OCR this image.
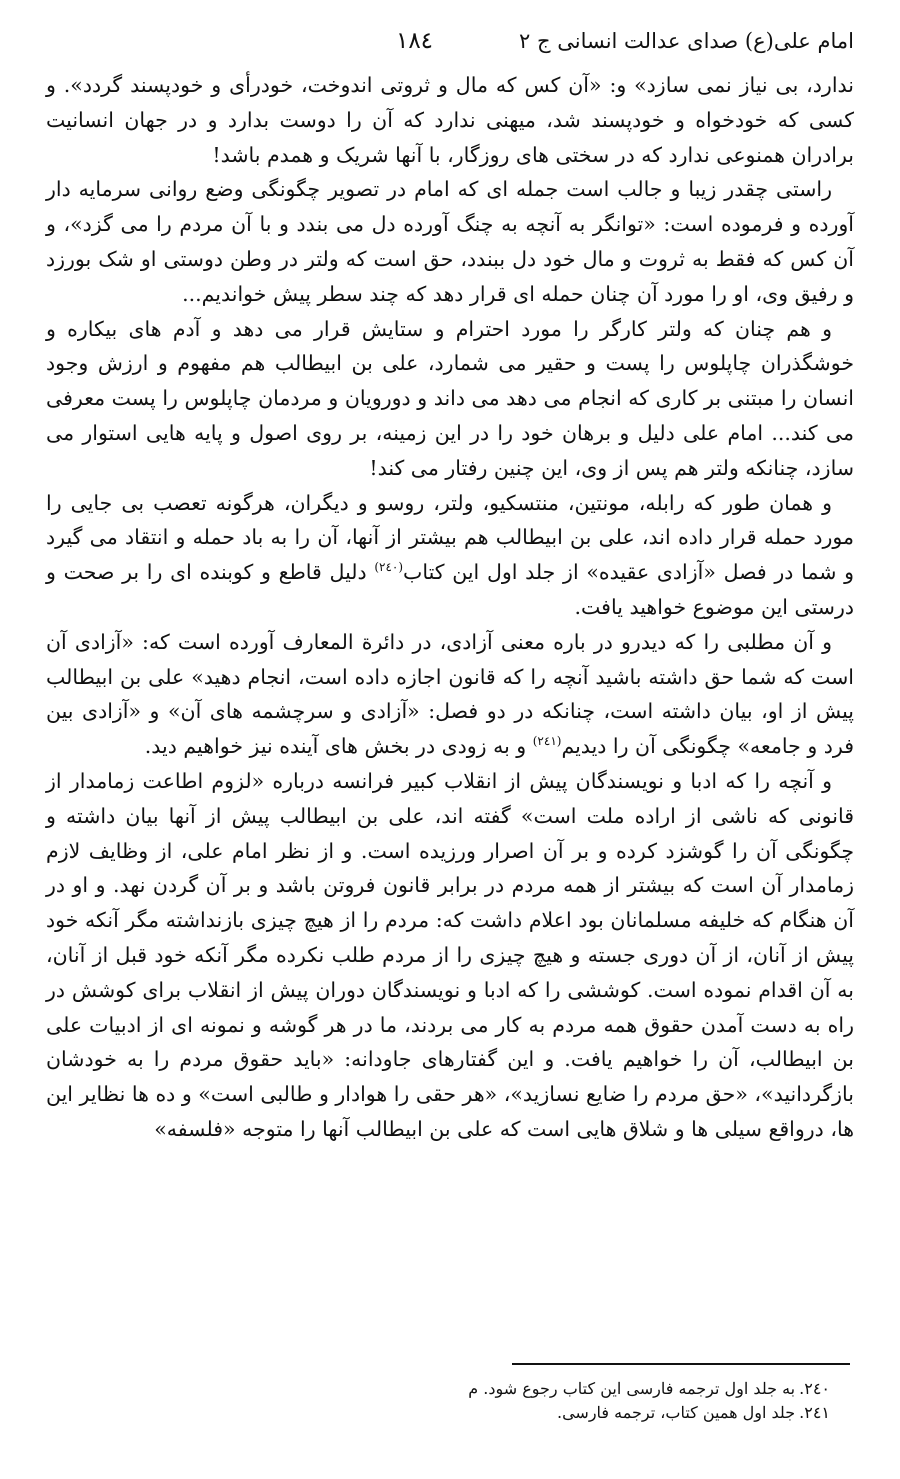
امام علی(ع) صدای عدالت انسانی ج ۲
۱۸٤

ندارد، بی نیاز نمی سازد» و: «آن کس که مال و ثروتی اندوخت، خودرأی و خودپسند گردد». و کسی که خودخواه و خودپسند شد، میهنی ندارد که آن را دوست بدارد و در جهان انسانیت برادران همنوعی ندارد که در سختی های روزگار، با آنها شریک و همدم باشد!

راستی چقدر زیبا و جالب است جمله ای که امام در تصویر چگونگی وضع روانی سرمایه دار آورده و فرموده است: «توانگر به آنچه به چنگ آورده دل می بندد و با آن مردم را می گزد»، و آن کس که فقط به ثروت و مال خود دل ببندد، حق است که ولتر در وطن دوستی او شک بورزد و رفیق وی، او را مورد آن چنان حمله ای قرار دهد که چند سطر پیش خواندیم...

و هم چنان که ولتر کارگر را مورد احترام و ستایش قرار می دهد و آدم های بیکاره و خوشگذران چاپلوس را پست و حقیر می شمارد، علی بن ابیطالب هم مفهوم و ارزش وجود انسان را مبتنی بر کاری که انجام می دهد می داند و دورویان و مردمان چاپلوس را پست معرفی می کند... امام علی دلیل و برهان خود را در این زمینه، بر روی اصول و پایه هایی استوار می سازد، چنانکه ولتر هم پس از وی، این چنین رفتار می کند!

و همان طور که رابله، مونتین، منتسکیو، ولتر، روسو و دیگران، هرگونه تعصب بی جایی را مورد حمله قرار داده اند، علی بن ابیطالب هم بیشتر از آنها، آن را به باد حمله و انتقاد می گیرد و شما در فصل «آزادی عقیده» از جلد اول این کتاب$^{(۲٤۰)}$ دلیل قاطع و کوبنده ای را بر صحت و درستی این موضوع خواهید یافت.

و آن مطلبی را که دیدرو در باره معنی آزادی، در دائرة المعارف آورده است که: «آزادی آن است که شما حق داشته باشید آنچه را که قانون اجازه داده است، انجام دهید» علی بن ابیطالب پیش از او، بیان داشته است، چنانکه در دو فصل: «آزادی و سرچشمه های آن» و «آزادی بین فرد و جامعه» چگونگی آن را دیدیم$^{(۲٤۱)}$ و به زودی در بخش های آینده نیز خواهیم دید.

و آنچه را که ادبا و نویسندگان پیش از انقلاب کبیر فرانسه درباره «لزوم اطاعت زمامدار از قانونی که ناشی از اراده ملت است» گفته اند، علی بن ابیطالب پیش از آنها بیان داشته و چگونگی آن را گوشزد کرده و بر آن اصرار ورزیده است. و از نظر امام علی، از وظایف لازم زمامدار آن است که بیشتر از همه مردم در برابر قانون فروتن باشد و بر آن گردن نهد. و او در آن هنگام که خلیفه مسلمانان بود اعلام داشت که: مردم را از هیچ چیزی بازنداشته مگر آنکه خود پیش از آنان، از آن دوری جسته و هیچ چیزی را از مردم طلب نکرده مگر آنکه خود قبل از آنان، به آن اقدام نموده است. کوششی را که ادبا و نویسندگان دوران پیش از انقلاب برای کوشش در راه به دست آمدن حقوق همه مردم به کار می بردند، ما در هر گوشه و نمونه ای از ادبیات علی بن ابیطالب، آن را خواهیم یافت. و این گفتارهای جاودانه: «باید حقوق مردم را به خودشان بازگردانید»، «حق مردم را ضایع نسازید»، «هر حقی را هوادار و طالبی است» و ده ها نظایر این ها، درواقع سیلی ها و شلاق هایی است که علی بن ابیطالب آنها را متوجه «فلسفه»

۲٤۰.به جلد اول ترجمه فارسی این کتاب رجوع شود. م

۲٤۱.جلد اول همین کتاب، ترجمه فارسی.
